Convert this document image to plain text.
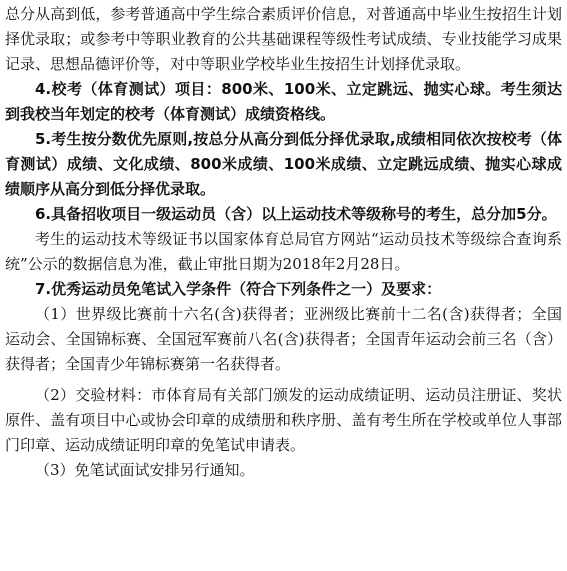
总分从高到低，参考普通高中学生综合素质评价信息，对普通高中毕业生按招生计划择优录取；或参考中等职业教育的公共基础课程等级性考试成绩、专业技能学习成果记录、思想品德评价等，对中等职业学校毕业生按招生计划择优录取。

4.校考（体育测试）项目：800米、100米、立定跳远、抛实心球。考生须达到我校当年划定的校考（体育测试）成绩资格线。

5.考生按分数优先原则,按总分从高分到低分择优录取,成绩相同依次按校考（体育测试）成绩、文化成绩、800米成绩、100米成绩、立定跳远成绩、抛实心球成绩顺序从高分到低分择优录取。

6.具备招收项目一级运动员（含）以上运动技术等级称号的考生，总分加5分。

考生的运动技术等级证书以国家体育总局官方网站“运动员技术等级综合查询系统”公示的数据信息为准，截止审批日期为2018年2月28日。

7.优秀运动员免笔试入学条件（符合下列条件之一）及要求：

（1）世界级比赛前十六名(含)获得者；亚洲级比赛前十二名(含)获得者；全国运动会、全国锦标赛、全国冠军赛前八名(含)获得者；全国青年运动会前三名（含）获得者；全国青少年锦标赛第一名获得者。

（2）交验材料：市体育局有关部门颁发的运动成绩证明、运动员注册证、奖状原件、盖有项目中心或协会印章的成绩册和秩序册、盖有考生所在学校或单位人事部门印章、运动成绩证明印章的免笔试申请表。

（3）免笔试面试安排另行通知。
